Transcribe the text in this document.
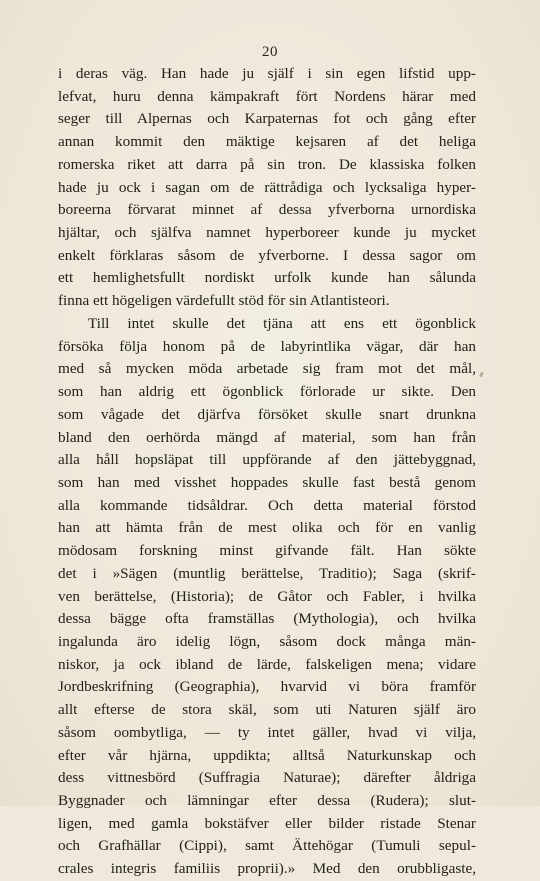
20
i deras väg. Han hade ju själf i sin egen lifstid upp-
lefvat, huru denna kämpakraft fört Nordens härar med
seger till Alpernas och Karpaternas fot och gång efter
annan kommit den mäktige kejsaren af det heliga
romerska riket att darra på sin tron. De klassiska folken
hade ju ock i sagan om de rättrådiga och lycksaliga hyper-
boreerna förvarat minnet af dessa yfverborna urnordiska
hjältar, och själfva namnet hyperboreer kunde ju mycket
enkelt förklaras såsom de yfverborne. I dessa sagor om
ett hemlighetsfullt nordiskt urfolk kunde han sålunda
finna ett högeligen värdefullt stöd för sin Atlantisteori.
Till intet skulle det tjäna att ens ett ögonblick
försöka följa honom på de labyrintlika vägar, där han
med så mycken möda arbetade sig fram mot det mål,
som han aldrig ett ögonblick förlorade ur sikte. Den
som vågade det djärfva försöket skulle snart drunkna
bland den oerhörda mängd af material, som han från
alla håll hopsläpat till uppförande af den jättebyggnad,
som han med visshet hoppades skulle fast bestå genom
alla kommande tidsåldrar. Och detta material förstod
han att hämta från de mest olika och för en vanlig
mödosam forskning minst gifvande fält. Han sökte
det i »Sägen (muntlig berättelse, Traditio); Saga (skrif-
ven berättelse, (Historia); de Gåtor och Fabler, i hvilka
dessa bägge ofta framställas (Mythologia), och hvilka
ingalunda äro idelig lögn, såsom dock många män-
niskor, ja ock ibland de lärde, falskeligen mena; vidare
Jordbeskrifning (Geographia), hvarvid vi böra framför
allt efterse de stora skäl, som uti Naturen själf äro
såsom oombytliga, — ty intet gäller, hvad vi vilja,
efter vår hjärna, uppdikta; alltså Naturkunskap och
dess vittnesbörd (Suffragia Naturae); därefter åldriga
Byggnader och lämningar efter dessa (Rudera); slut-
ligen, med gamla bokstäfver eller bilder ristade Stenar
och Grafhällar (Cippi), samt Ättehögar (Tumuli sepul-
crales integris familiis proprii).» Med den orubbligaste,
